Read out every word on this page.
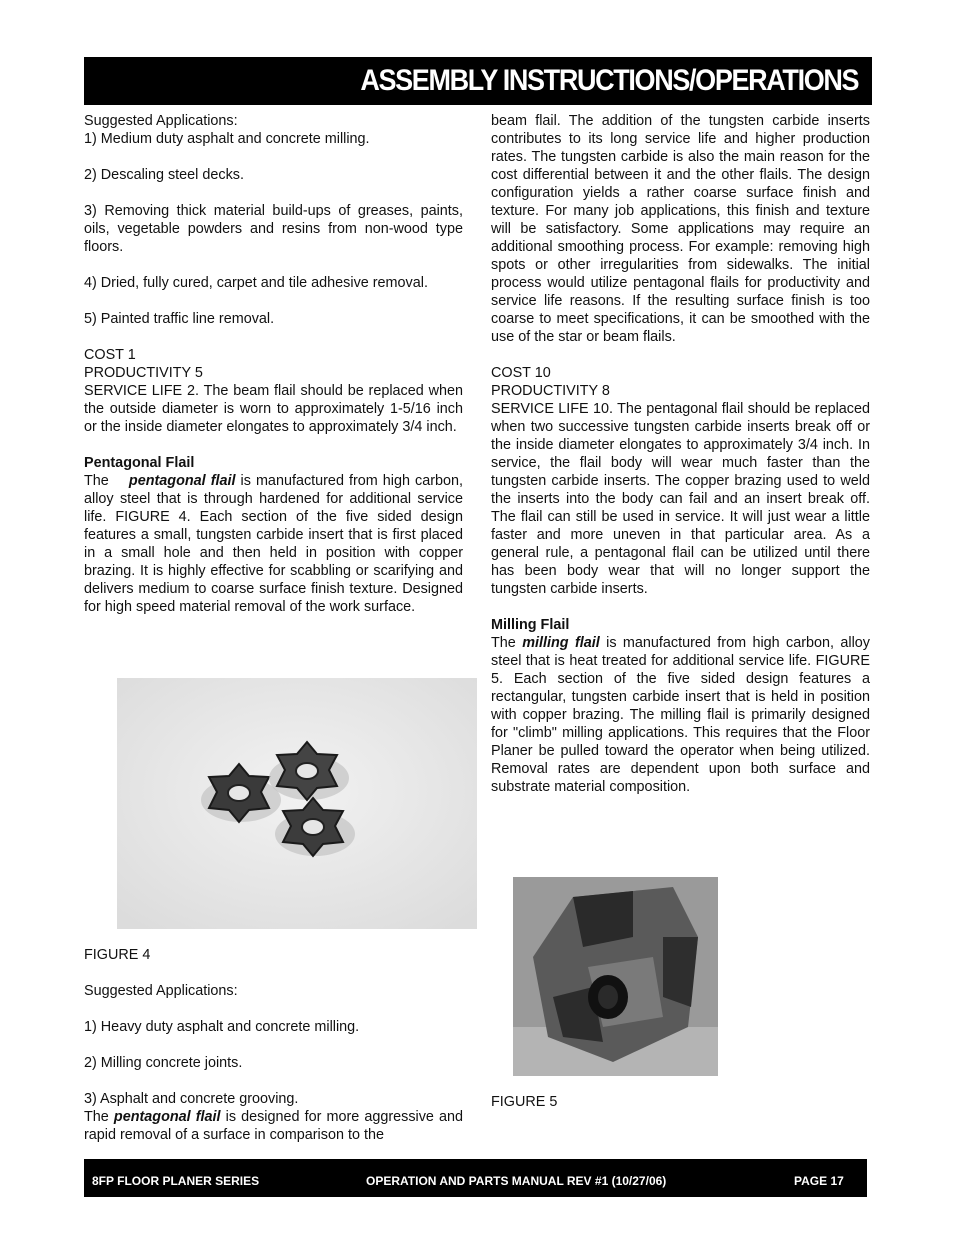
ASSEMBLY INSTRUCTIONS/OPERATIONS

Suggested Applications:

1) Medium duty asphalt and concrete milling.

2) Descaling steel decks.

3) Removing thick material build-ups of greases, paints, oils, vegetable powders and resins from non-wood type floors.

4) Dried, fully cured, carpet and tile adhesive removal.

5) Painted traffic line removal.

COST 1

PRODUCTIVITY 5

SERVICE LIFE 2. The beam flail should be replaced when the outside diameter is worn to approximately 1-5/16 inch or the inside diameter elongates to approximately 3/4 inch.

Pentagonal Flail

The pentagonal flail is manufactured from high carbon, alloy steel that is through hardened for additional service life. FIGURE 4. Each section of the five sided design features a small, tungsten carbide insert that is first placed in a small hole and then held in position with copper brazing. It is highly effective for scabbling or scarifying and delivers medium to coarse surface finish texture. Designed for high speed material removal of the work surface.

FIGURE 4

Suggested Applications:

1) Heavy duty asphalt and concrete milling.

2) Milling concrete joints.

3) Asphalt and concrete grooving.

The pentagonal flail is designed for more aggressive and rapid removal of a surface in comparison to the

beam flail. The addition of the tungsten carbide inserts contributes to its long service life and higher production rates. The tungsten carbide is also the main reason for the cost differential between it and the other flails. The design configuration yields a rather coarse surface finish and texture. For many job applications, this finish and texture will be satisfactory. Some applications may require an additional smoothing process. For example: removing high spots or other irregularities from sidewalks. The initial process would utilize pentagonal flails for productivity and service life reasons. If the resulting surface finish is too coarse to meet specifications, it can be smoothed with the use of the star or beam flails.

COST 10

PRODUCTIVITY 8

SERVICE LIFE 10. The pentagonal flail should be replaced when two successive tungsten carbide inserts break off or the inside diameter elongates to approximately 3/4 inch. In service, the flail body will wear much faster than the tungsten carbide inserts. The copper brazing used to weld the inserts into the body can fail and an insert break off. The flail can still be used in service. It will just wear a little faster and more uneven in that particular area. As a general rule, a pentagonal flail can be utilized until there has been body wear that will no longer support the tungsten carbide inserts.

Milling Flail

The milling flail is manufactured from high carbon, alloy steel that is heat treated for additional service life. FIGURE 5. Each section of the five sided design features a rectangular, tungsten carbide insert that is held in position with copper brazing. The milling flail is primarily designed for "climb" milling applications. This requires that the Floor Planer be pulled toward the operator when being utilized. Removal rates are dependent upon both surface and substrate material composition.

FIGURE 5
8FP FLOOR PLANER SERIES	OPERATION AND PARTS MANUAL REV #1 (10/27/06)	PAGE 17
